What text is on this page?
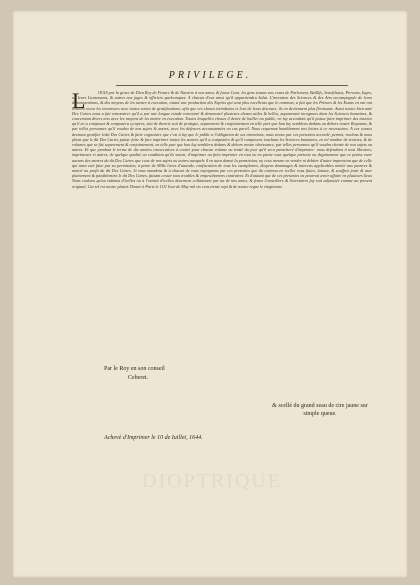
PRIVILEGE.
L	OUIS par la grace de Dieu Roy de France & de Navarre à nos amez, & feaux Cons. les gens tenans nos cours de Parlement, Baillifs, Senefchaux, Prevosts, Iuges, ou leurs Lieutenants, & autres nos juges & officiers quelconques. A chacun d'eux ainsi qu'il appartiendra Salut. L'invention des Sciences & des Arts accompagnée de leurs demonstrations, & des moyens de les mettre à execution, estant une production des Esprits qui sont plus excellents que le commun, a fait que les Princes & les Estats en ont ont souvent receu les inventeurs avec toutes sortes de gratifications; afin que ces choses introduites et leur de leurs discours, ils en deviennent plus florissans. Aussi nostre bien amé Des Cartes nous a fait remonstrer qu'il a par une longue estude rencontré & demonstré plusieurs choses utiles & belles, auparavant incognues dans les Sciences humaines, & concernant divers arts avec les moyens de les mettre en execution. Toutes lesquelles choses il desire de bailler au public, en luy accordant qu'il puisse faire imprimer des traictez qu'il en a composez & composera cy-apres, soit de theorie soit de pratique, separement & conjointement en telle part que bon luy semblera dedans ou dehors nostre Royaume, & par telles personnes qu'il voudra de nos sujets & autres, avec les defences accoustumées en cas pareil. Nous requerant humblement nos lettres à ce necessaires. A ces causes desirant gratifier ledit Des Cartes & faire cognoistre que c'est à luy que le public a l'obligation de ses inventions, nous avons par ces presentes accordé, permis, voulons & nous plaist que le dit Des Cartes puisse faire & face imprimer toutes les œuvres qu'il a composées & qu'il composera touchant les Sciences humaines, en tel nombre de traictez, & de volumes que se fist separement & conjointement, en telle part que bon luy semblera dedans & dehors nostre obeissance, par telles personnes qu'il voudra choisir de nos sujets ou autres. Et que pendant le terme de dix années consecutives à conter pour chacun volume ou traité du jour qu'il sera parachevé d'imprimer: nous defendons à tous libraires, imprimeurs et autres, de quelque qualité ou condition qu'ils soient, d'imprimer ou faire imprimer en tout ou en partie sous quelque pretexte ou deguisement que ce puisse estre aucuns des œuvres du dit Des Cartes que ceux de nos sujets ou autres auxquels il en aura donné la permission, ny ceux mesme en vendre ni debiter d'autre impression que de celle qui aura esté faite par sa permission, à peine de Mille livres d'amende, confiscation de tous les exemplaires, despens dommages & interests applicables moitié aux pauvres & moitié au profit du dit Des Cartes. Si vous mandons & à chacun de vous enjoignons par ces presentes que du contenu en icelles vous faites, laissez, & souffrez jouir & user plainement & paisiblement le dit Des Cartes, faisant cesser tous troubles & empeschemens contraires. Et d'autant que de ces presentes on pourroit avoir affaire en plusieurs lieux Nous voulons qu'au vidimus d'icelles ou à l'extrait d'icelles deuement collationné par un de nos amez, & feaux Conseillers & Secretaires foy soit adjoustée comme au present original. Car tel est nostre plaisir. Donné à Paris le 1111 Iour de May mil six cens trente sept & de nostre regne le vingtiesme.
Par le Roy en son conseil
Ceberet.
& scellé du grand seau de cire jaune sur simple queue.
Achevé d'Imprimer le 10 de Iuillet, 1644.
DIOPTRIQUE
